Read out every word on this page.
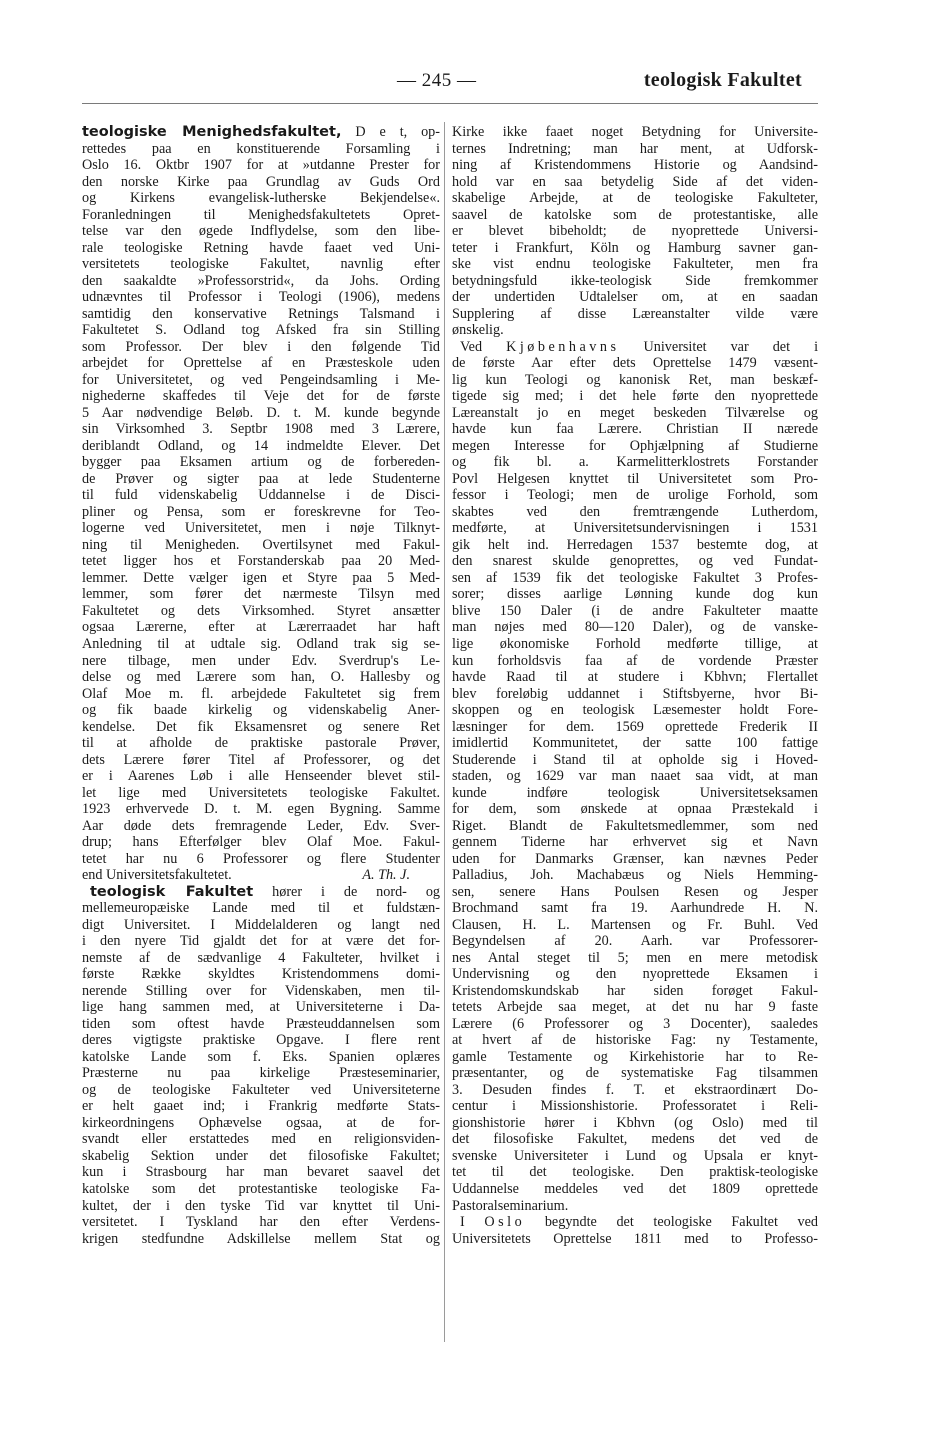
— 245 —	teologisk Fakultet
teologiske Menighedsfakultet, D e t, op-
rettedes paa en konstituerende Forsamling i
Oslo 16. Oktbr 1907 for at »utdanne Prester for
den norske Kirke paa Grundlag av Guds Ord
og Kirkens evangelisk-lutherske Bekjendelse«.
Foranledningen til Menighedsfakultetets Opret-
telse var den øgede Indflydelse, som den libe-
rale teologiske Retning havde faaet ved Uni-
versitetets teologiske Fakultet, navnlig efter
den saakaldte »Professorstrid«, da Johs. Ording
udnævntes til Professor i Teologi (1906), medens
samtidig den konservative Retnings Talsmand i
Fakultetet S. Odland tog Afsked fra sin Stilling
som Professor. Der blev i den følgende Tid
arbejdet for Oprettelse af en Præsteskole uden
for Universitetet, og ved Pengeindsamling i Me-
nighederne skaffedes til Veje det for de første
5 Aar nødvendige Beløb. D. t. M. kunde begynde
sin Virksomhed 3. Septbr 1908 med 3 Lærere,
deriblandt Odland, og 14 indmeldte Elever. Det
bygger paa Eksamen artium og de forbereden-
de Prøver og sigter paa at lede Studenterne
til fuld videnskabelig Uddannelse i de Disci-
pliner og Pensa, som er foreskrevne for Teo-
logerne ved Universitetet, men i nøje Tilknyt-
ning til Menigheden. Overtilsynet med Fakul-
tetet ligger hos et Forstanderskab paa 20 Med-
lemmer. Dette vælger igen et Styre paa 5 Med-
lemmer, som fører det nærmeste Tilsyn med
Fakultetet og dets Virksomhed. Styret ansætter
ogsaa Lærerne, efter at Lærerraadet har haft
Anledning til at udtale sig. Odland trak sig se-
nere tilbage, men under Edv. Sverdrup's Le-
delse og med Lærere som han, O. Hallesby og
Olaf Moe m. fl. arbejdede Fakultetet sig frem
og fik baade kirkelig og videnskabelig Aner-
kendelse. Det fik Eksamensret og senere Ret
til at afholde de praktiske pastorale Prøver,
dets Lærere fører Titel af Professorer, og det
er i Aarenes Løb i alle Henseender blevet stil-
let lige med Universitetets teologiske Fakultet.
1923 erhvervede D. t. M. egen Bygning. Samme
Aar døde dets fremragende Leder, Edv. Sver-
drup; hans Efterfølger blev Olaf Moe. Fakul-
tetet har nu 6 Professorer og flere Studenter
end Universitetsfakultetet.	A. Th. J.
teologisk Fakultet hører i de nord- og
mellemeuropæiske Lande med til et fuldstæn-
digt Universitet. I Middelalderen og langt ned
i den nyere Tid gjaldt det for at være det for-
nemste af de sædvanlige 4 Fakulteter, hvilket i
første Række skyldtes Kristendommens domi-
nerende Stilling over for Videnskaben, men til-
lige hang sammen med, at Universiteterne i Da-
tiden som oftest havde Præsteuddannelsen som
deres vigtigste praktiske Opgave. I flere rent
katolske Lande som f. Eks. Spanien oplæres
Præsterne nu paa kirkelige Præsteseminarier,
og de teologiske Fakulteter ved Universiteterne
er helt gaaet ind; i Frankrig medførte Stats-
kirkeordningens Ophævelse ogsaa, at de for-
svandt eller erstattedes med en religionsviden-
skabelig Sektion under det filosofiske Fakultet;
kun i Strasbourg har man bevaret saavel det
katolske som det protestantiske teologiske Fa-
kultet, der i den tyske Tid var knyttet til Uni-
versitetet. I Tyskland har den efter Verdens-
krigen stedfundne Adskillelse mellem Stat og
Kirke ikke faaet noget Betydning for Universite-
ternes Indretning; man har ment, at Udforsk-
ning af Kristendommens Historie og Aandsind-
hold var en saa betydelig Side af det viden-
skabelige Arbejde, at de teologiske Fakulteter,
saavel de katolske som de protestantiske, alle
er blevet bibeholdt; de nyoprettede Universi-
teter i Frankfurt, Köln og Hamburg savner gan-
ske vist endnu teologiske Fakulteter, men fra
betydningsfuld ikke-teologisk Side fremkommer
der undertiden Udtalelser om, at en saadan
Supplering af disse Læreanstalter vilde være
ønskelig.
Ved Kjøbenhavns Universitet var det i
de første Aar efter dets Oprettelse 1479 væsent-
lig kun Teologi og kanonisk Ret, man beskæf-
tigede sig med; i det hele førte den nyoprettede
Læreanstalt jo en meget beskeden Tilværelse og
havde kun faa Lærere. Christian II nærede
megen Interesse for Ophjælpning af Studierne
og fik bl. a. Karmelitterklostrets Forstander
Povl Helgesen knyttet til Universitetet som Pro-
fessor i Teologi; men de urolige Forhold, som
skabtes ved den fremtrængende Lutherdom,
medførte, at Universitetsundervisningen i 1531
gik helt ind. Herredagen 1537 bestemte dog, at
den snarest skulde genoprettes, og ved Fundat-
sen af 1539 fik det teologiske Fakultet 3 Profes-
sorer; disses aarlige Lønning kunde dog kun
blive 150 Daler (i de andre Fakulteter maatte
man nøjes med 80—120 Daler), og de vanske-
lige økonomiske Forhold medførte tillige, at
kun forholdsvis faa af de vordende Præster
havde Raad til at studere i Kbhvn; Flertallet
blev foreløbig uddannet i Stiftsbyerne, hvor Bi-
skoppen og en teologisk Læsemester holdt Fore-
læsninger for dem. 1569 oprettede Frederik II
imidlertid Kommunitetet, der satte 100 fattige
Studerende i Stand til at opholde sig i Hoved-
staden, og 1629 var man naaet saa vidt, at man
kunde indføre teologisk Universitetseksamen
for dem, som ønskede at opnaa Præstekald i
Riget. Blandt de Fakultetsmedlemmer, som ned
gennem Tiderne har erhvervet sig et Navn
uden for Danmarks Grænser, kan nævnes Peder
Palladius, Joh. Machabæus og Niels Hemming-
sen, senere Hans Poulsen Resen og Jesper
Brochmand samt fra 19. Aarhundrede H. N.
Clausen, H. L. Martensen og Fr. Buhl. Ved
Begyndelsen af 20. Aarh. var Professorer-
nes Antal steget til 5; men en mere metodisk
Undervisning og den nyoprettede Eksamen i
Kristendomskundskab har siden forøget Fakul-
tetets Arbejde saa meget, at det nu har 9 faste
Lærere (6 Professorer og 3 Docenter), saaledes
at hvert af de historiske Fag: ny Testamente,
gamle Testamente og Kirkehistorie har to Re-
præsentanter, og de systematiske Fag tilsammen
3. Desuden findes f. T. et ekstraordinært Do-
centur i Missionshistorie. Professoratet i Reli-
gionshistorie hører i Kbhvn (og Oslo) med til
det filosofiske Fakultet, medens det ved de
svenske Universiteter i Lund og Upsala er knyt-
tet til det teologiske. Den praktisk-teologiske
Uddannelse meddeles ved det 1809 oprettede
Pastoralseminarium.
I Oslo begyndte det teologiske Fakultet ved
Universitetets Oprettelse 1811 med to Professo-
